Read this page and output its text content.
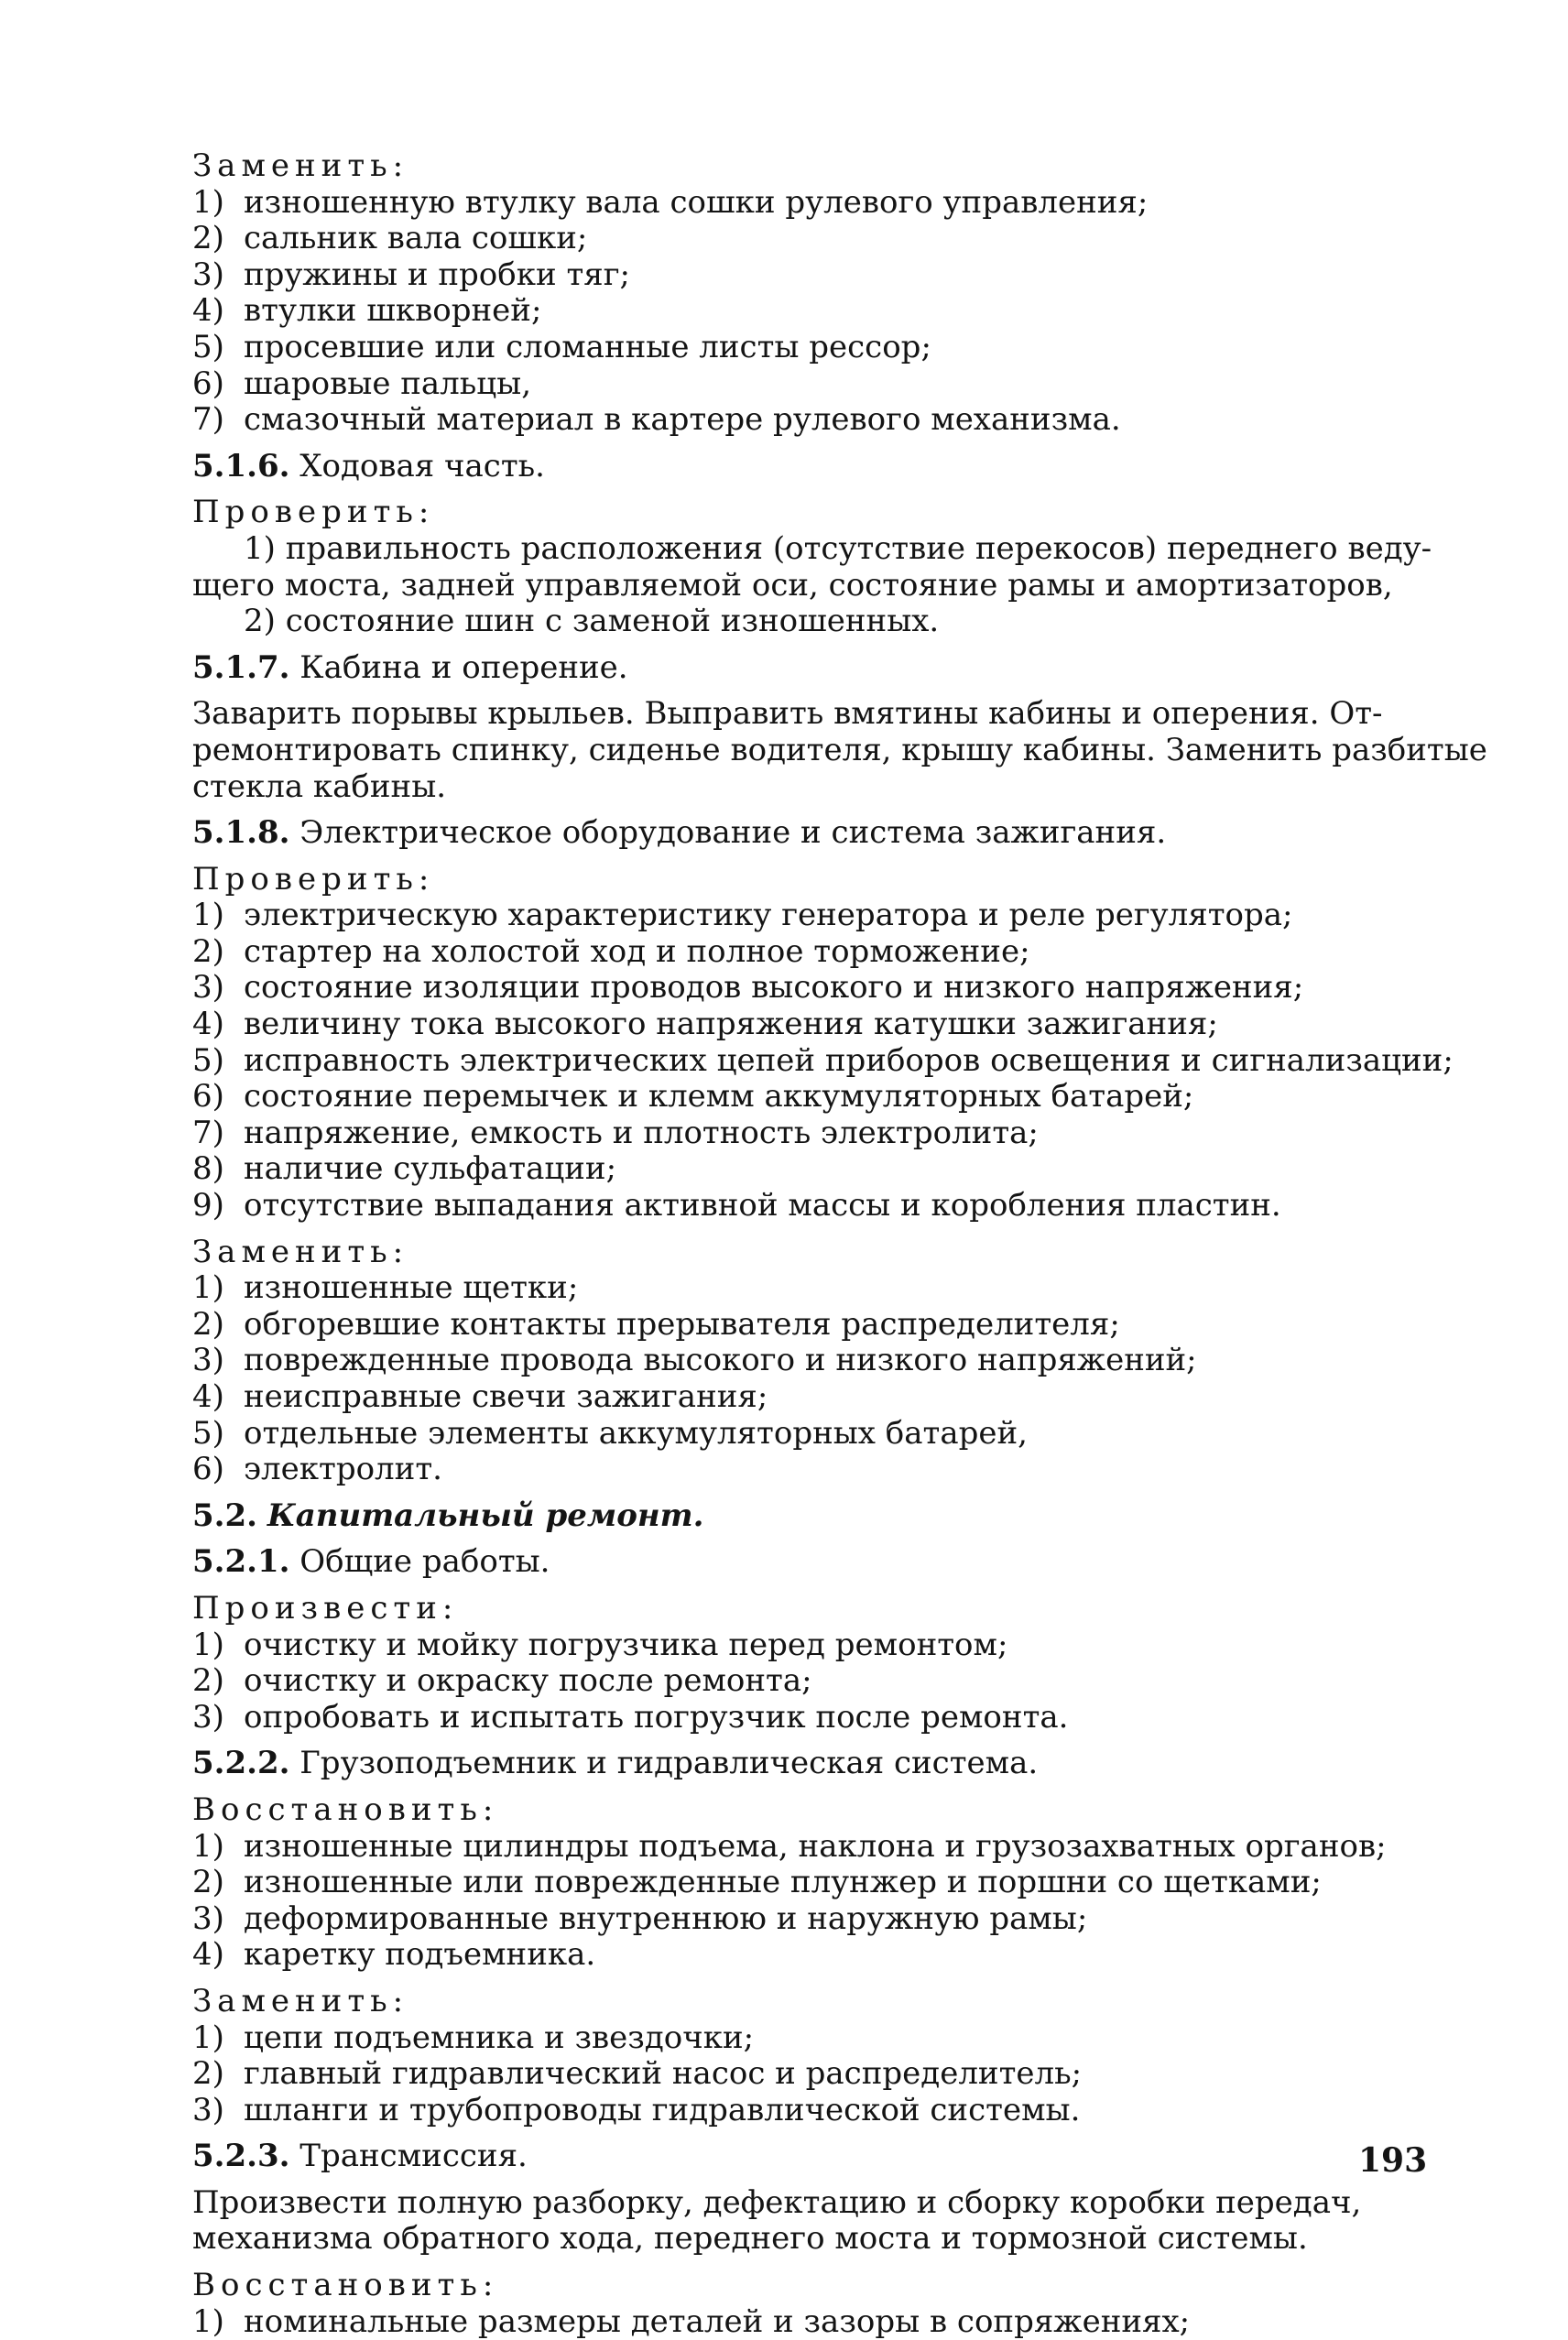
Заменить:
1) изношенную втулку вала сошки рулевого управления;
2) сальник вала сошки;
3) пружины и пробки тяг;
4) втулки шкворней;
5) просевшие или сломанные листы рессор;
6) шаровые пальцы,
7) смазочный материал в картере рулевого механизма.
5.1.6. Ходовая часть.
Проверить:
1) правильность расположения (отсутствие перекосов) переднего веду-
щего моста, задней управляемой оси, состояние рамы и амортизаторов,
2) состояние шин с заменой изношенных.
5.1.7. Кабина и оперение.
Заварить порывы крыльев. Выправить вмятины кабины и оперения. От-
ремонтировать спинку, сиденье водителя, крышу кабины. Заменить разбитые
стекла кабины.
5.1.8. Электрическое оборудование и система зажигания.
Проверить:
1) электрическую характеристику генератора и реле регулятора;
2) стартер на холостой ход и полное торможение;
3) состояние изоляции проводов высокого и низкого напряжения;
4) величину тока высокого напряжения катушки зажигания;
5) исправность электрических цепей приборов освещения и сигнализации;
6) состояние перемычек и клемм аккумуляторных батарей;
7) напряжение, емкость и плотность электролита;
8) наличие сульфатации;
9) отсутствие выпадания активной массы и коробления пластин.
Заменить:
1) изношенные щетки;
2) обгоревшие контакты прерывателя распределителя;
3) поврежденные провода высокого и низкого напряжений;
4) неисправные свечи зажигания;
5) отдельные элементы аккумуляторных батарей,
6) электролит.
5.2. Капитальный ремонт.
5.2.1. Общие работы.
Произвести:
1) очистку и мойку погрузчика перед ремонтом;
2) очистку и окраску после ремонта;
3) опробовать и испытать погрузчик после ремонта.
5.2.2. Грузоподъемник и гидравлическая система.
Восстановить:
1) изношенные цилиндры подъема, наклона и грузозахватных органов;
2) изношенные или поврежденные плунжер и поршни со щетками;
3) деформированные внутреннюю и наружную рамы;
4) каретку подъемника.
Заменить:
1) цепи подъемника и звездочки;
2) главный гидравлический насос и распределитель;
3) шланги и трубопроводы гидравлической системы.
5.2.3. Трансмиссия.
Произвести полную разборку, дефектацию и сборку коробки передач,
механизма обратного хода, переднего моста и тормозной системы.
Восстановить:
1) номинальные размеры деталей и зазоры в сопряжениях;
193
